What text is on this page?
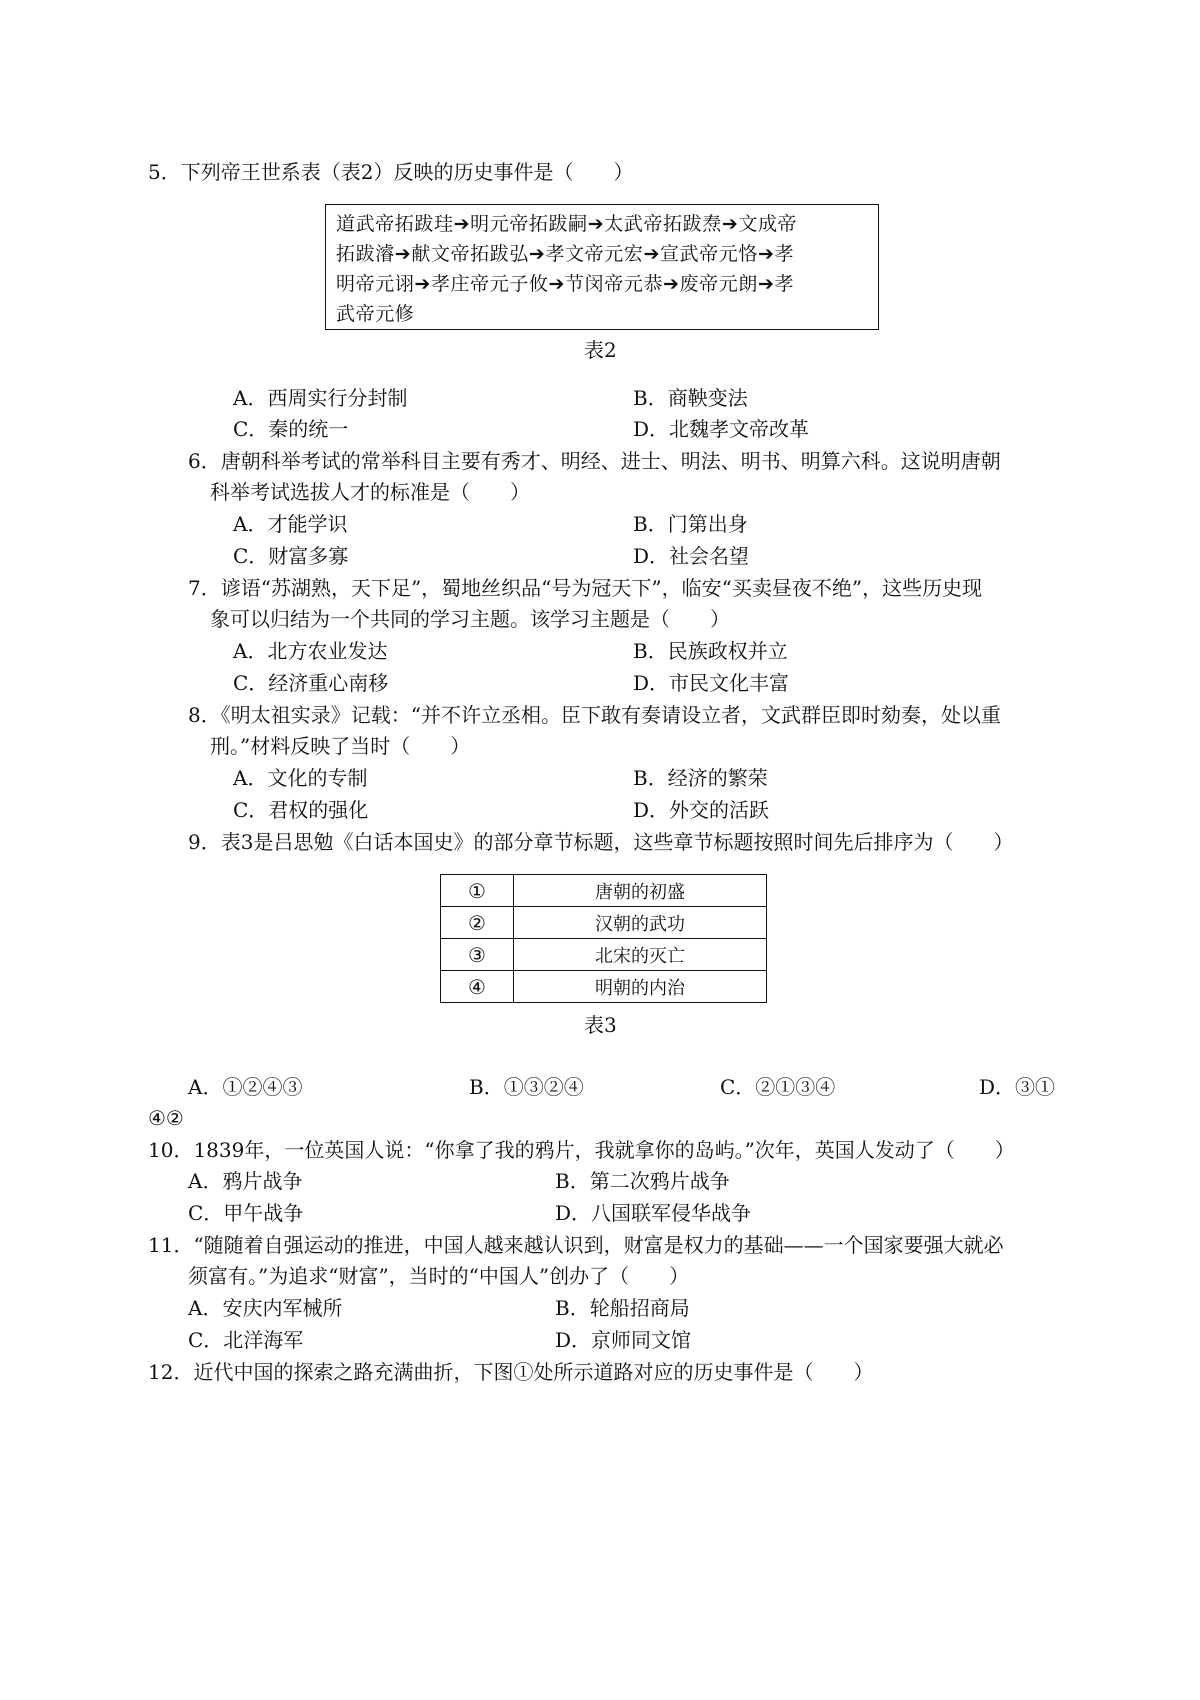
5．下列帝王世系表（表2）反映的历史事件是（　　）
道武帝拓跋珪➔明元帝拓跋嗣➔太武帝拓跋焘➔文成帝
拓跋濬➔献文帝拓跋弘➔孝文帝元宏➔宣武帝元恪➔孝
明帝元诩➔孝庄帝元子攸➔节闵帝元恭➔废帝元朗➔孝
武帝元修
表2
A．西周实行分封制	B．商鞅变法
C．秦的统一	D．北魏孝文帝改革
6．唐朝科举考试的常举科目主要有秀才、明经、进士、明法、明书、明算六科。这说明唐朝
科举考试选拔人才的标准是（　　）
A．才能学识	B．门第出身
C．财富多寡	D．社会名望
7．谚语“苏湖熟，天下足”，蜀地丝织品“号为冠天下”，临安“买卖昼夜不绝”，这些历史现
象可以归结为一个共同的学习主题。该学习主题是（　　）
A．北方农业发达	B．民族政权并立
C．经济重心南移	D．市民文化丰富
8．《明太祖实录》记载：“并不许立丞相。臣下敢有奏请设立者，文武群臣即时劾奏，处以重
刑。”材料反映了当时（　　）
A．文化的专制	B．经济的繁荣
C．君权的强化	D．外交的活跃
9．表3是吕思勉《白话本国史》的部分章节标题，这些章节标题按照时间先后排序为（　　）
①	唐朝的初盛
②	汉朝的武功
③	北宋的灭亡
④	明朝的内治
表3
A．①②④③	B．①③②④	C．②①③④	D．③①
④②
10．1839年，一位英国人说：“你拿了我的鸦片，我就拿你的岛屿。”次年，英国人发动了（　　）
A．鸦片战争	B．第二次鸦片战争
C．甲午战争	D．八国联军侵华战争
11．“随随着自强运动的推进，中国人越来越认识到，财富是权力的基础——一个国家要强大就必
须富有。”为追求“财富”，当时的“中国人”创办了（　　）
A．安庆内军械所	B．轮船招商局
C．北洋海军	D．京师同文馆
12．近代中国的探索之路充满曲折，下图①处所示道路对应的历史事件是（　　）
